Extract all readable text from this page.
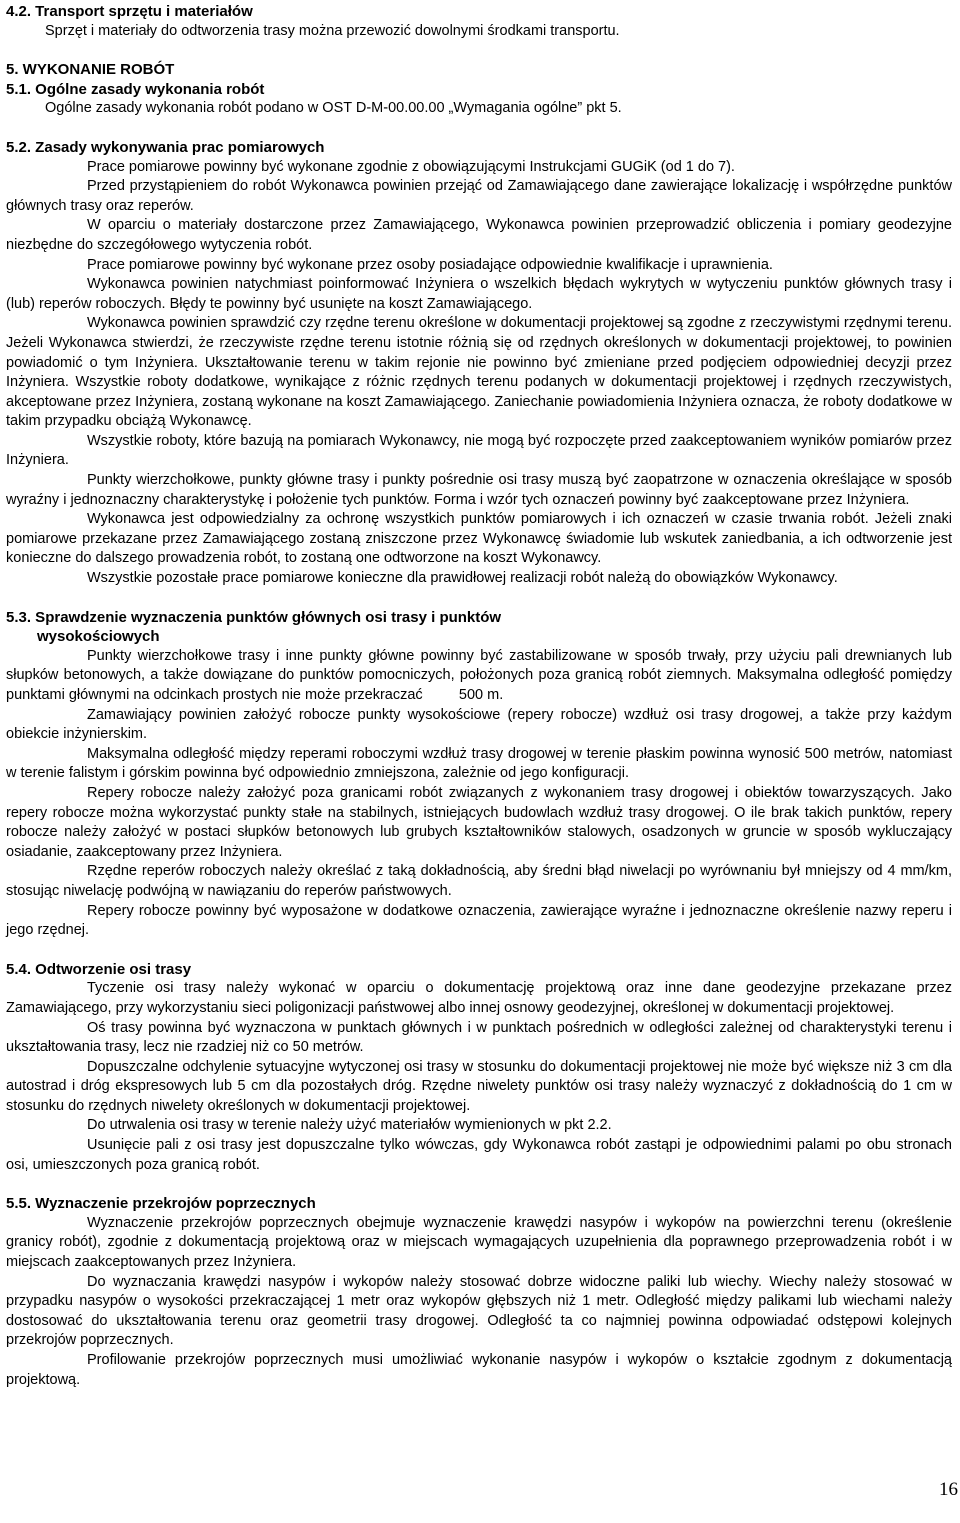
4.2. Transport sprzętu i materiałów
Sprzęt i materiały do odtworzenia trasy można przewozić dowolnymi środkami transportu.
5. WYKONANIE ROBÓT
5.1. Ogólne zasady wykonania robót
Ogólne zasady wykonania robót podano w OST D-M-00.00.00 „Wymagania ogólne” pkt 5.
5.2. Zasady wykonywania prac pomiarowych
Prace pomiarowe powinny być wykonane zgodnie z obowiązującymi Instrukcjami GUGiK (od 1 do 7).
Przed przystąpieniem do robót Wykonawca powinien przejąć od Zamawiającego dane zawierające lokalizację i współrzędne punktów głównych trasy oraz reperów.
W oparciu o materiały dostarczone przez Zamawiającego, Wykonawca powinien przeprowadzić obliczenia i pomiary geodezyjne niezbędne do szczegółowego wytyczenia robót.
Prace pomiarowe powinny być wykonane przez osoby posiadające odpowiednie kwalifikacje i uprawnienia.
Wykonawca powinien natychmiast poinformować Inżyniera o wszelkich błędach wykrytych w wytyczeniu punktów głównych trasy i (lub) reperów roboczych. Błędy te powinny być usunięte na koszt Zamawiającego.
Wykonawca powinien sprawdzić czy rzędne terenu określone w dokumentacji projektowej są zgodne z rzeczywistymi rzędnymi terenu. Jeżeli Wykonawca stwierdzi, że rzeczywiste rzędne terenu istotnie różnią się od rzędnych określonych w dokumentacji projektowej, to powinien powiadomić o tym Inżyniera. Ukształtowanie terenu w takim rejonie nie powinno być zmieniane przed podjęciem odpowiedniej decyzji przez Inżyniera. Wszystkie roboty dodatkowe, wynikające z różnic rzędnych terenu podanych w dokumentacji projektowej i rzędnych rzeczywistych, akceptowane przez Inżyniera, zostaną wykonane na koszt Zamawiającego. Zaniechanie powiadomienia Inżyniera oznacza, że roboty dodatkowe w takim przypadku obciążą Wykonawcę.
Wszystkie roboty, które bazują na pomiarach Wykonawcy, nie mogą być rozpoczęte przed zaakceptowaniem wyników pomiarów przez Inżyniera.
Punkty wierzchołkowe, punkty główne trasy i punkty pośrednie osi trasy muszą być zaopatrzone w oznaczenia określające w sposób wyraźny i jednoznaczny charakterystykę i położenie tych punktów. Forma i wzór tych oznaczeń powinny być zaakceptowane przez Inżyniera.
Wykonawca jest odpowiedzialny za ochronę wszystkich punktów pomiarowych i ich oznaczeń w czasie trwania robót. Jeżeli znaki pomiarowe przekazane przez Zamawiającego zostaną zniszczone przez Wykonawcę świadomie lub wskutek zaniedbania, a ich odtworzenie jest konieczne do dalszego prowadzenia robót, to zostaną one odtworzone na koszt Wykonawcy.
Wszystkie pozostałe prace pomiarowe konieczne dla prawidłowej realizacji robót należą do obowiązków Wykonawcy.
5.3. Sprawdzenie wyznaczenia punktów głównych osi trasy i punktów
wysokościowych
Punkty wierzchołkowe trasy i inne punkty główne powinny być zastabilizowane w sposób trwały, przy użyciu pali drewnianych lub słupków betonowych, a także dowiązane do punktów pomocniczych, położonych poza granicą robót ziemnych. Maksymalna odległość pomiędzy punktami głównymi na odcinkach prostych nie może przekraczać         500 m.
Zamawiający powinien założyć robocze punkty wysokościowe (repery robocze) wzdłuż osi trasy drogowej, a także przy każdym obiekcie inżynierskim.
Maksymalna odległość między reperami roboczymi wzdłuż trasy drogowej w terenie płaskim powinna wynosić 500 metrów, natomiast w terenie falistym i górskim powinna być odpowiednio zmniejszona, zależnie od jego konfiguracji.
Repery robocze należy założyć poza granicami robót związanych z wykonaniem trasy drogowej i obiektów towarzyszących. Jako repery robocze można wykorzystać punkty stałe na stabilnych, istniejących budowlach wzdłuż trasy drogowej. O ile brak takich punktów, repery robocze należy założyć w postaci słupków betonowych lub grubych kształtowników stalowych, osadzonych w gruncie w sposób wykluczający osiadanie, zaakceptowany przez Inżyniera.
Rzędne reperów roboczych należy określać z taką dokładnością, aby średni błąd niwelacji po wyrównaniu był mniejszy od 4 mm/km, stosując niwelację podwójną w nawiązaniu do reperów państwowych.
Repery robocze powinny być wyposażone w dodatkowe oznaczenia, zawierające wyraźne i jednoznaczne określenie nazwy reperu i jego rzędnej.
5.4. Odtworzenie osi trasy
Tyczenie osi trasy należy wykonać w oparciu o dokumentację projektową oraz inne dane geodezyjne przekazane przez Zamawiającego, przy wykorzystaniu sieci poligonizacji państwowej albo innej osnowy geodezyjnej, określonej w dokumentacji projektowej.
Oś trasy powinna być wyznaczona w punktach głównych i w punktach pośrednich w odległości zależnej od charakterystyki terenu i ukształtowania trasy, lecz nie rzadziej niż co 50 metrów.
Dopuszczalne odchylenie sytuacyjne wytyczonej osi trasy w stosunku do dokumentacji projektowej nie może być większe niż 3 cm dla autostrad i dróg ekspresowych lub 5 cm dla pozostałych dróg. Rzędne niwelety punktów osi trasy należy wyznaczyć z dokładnością do 1 cm w stosunku do rzędnych niwelety określonych w dokumentacji projektowej.
Do utrwalenia osi trasy w terenie należy użyć materiałów wymienionych w pkt 2.2.
Usunięcie pali z osi trasy jest dopuszczalne tylko wówczas, gdy Wykonawca robót zastąpi je odpowiednimi palami po obu stronach osi, umieszczonych poza granicą robót.
5.5. Wyznaczenie przekrojów poprzecznych
Wyznaczenie przekrojów poprzecznych obejmuje wyznaczenie krawędzi nasypów i wykopów na powierzchni terenu (określenie granicy robót), zgodnie z dokumentacją projektową oraz w miejscach wymagających uzupełnienia dla poprawnego przeprowadzenia robót i w miejscach zaakceptowanych przez Inżyniera.
Do wyznaczania krawędzi nasypów i wykopów należy stosować dobrze widoczne paliki lub wiechy. Wiechy należy stosować w przypadku nasypów o wysokości przekraczającej 1 metr oraz wykopów głębszych niż 1 metr. Odległość między palikami lub wiechami należy dostosować do ukształtowania terenu oraz geometrii trasy drogowej. Odległość ta co najmniej powinna odpowiadać odstępowi kolejnych przekrojów poprzecznych.
Profilowanie przekrojów poprzecznych musi umożliwiać wykonanie nasypów i wykopów o kształcie zgodnym z dokumentacją projektową.
16
